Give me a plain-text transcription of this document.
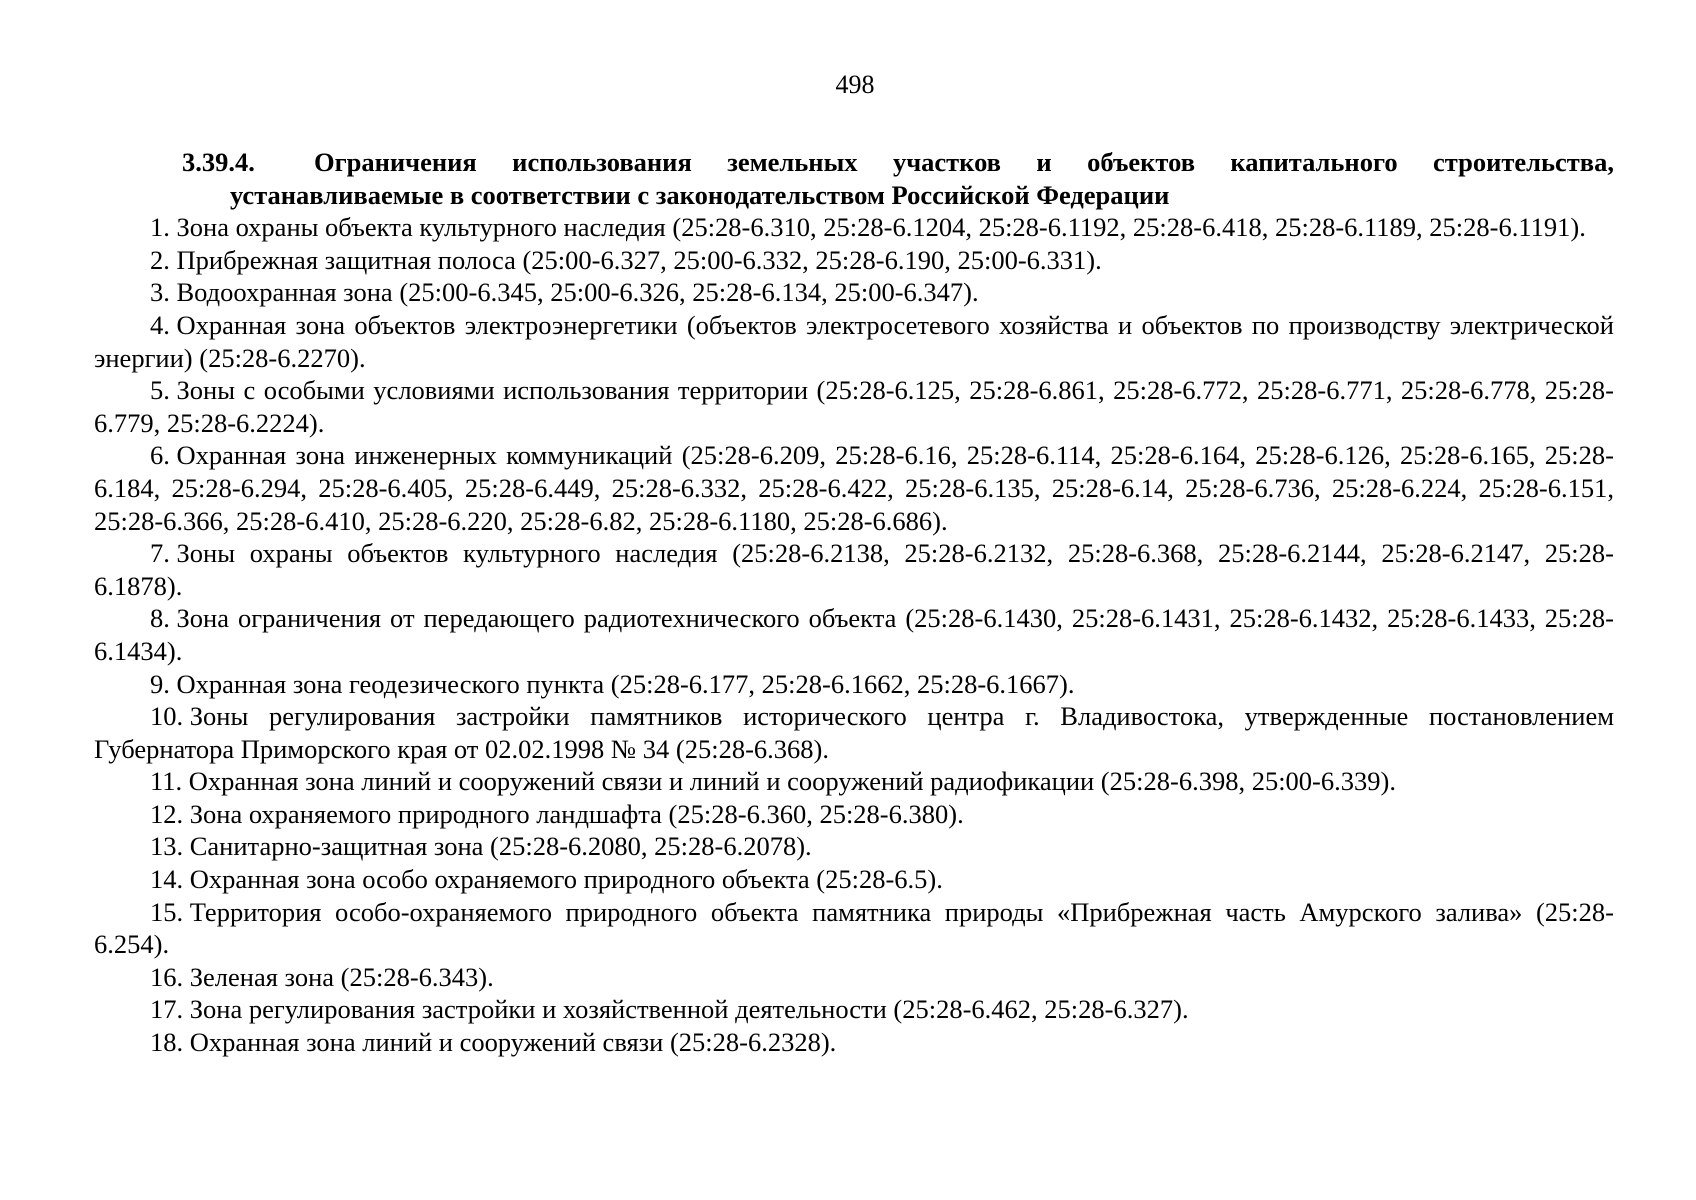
498

3.39.4. Ограничения использования земельных участков и объектов капитального строительства, устанавливаемые в соответствии с законодательством Российской Федерации

1. Зона охраны объекта культурного наследия (25:28-6.310, 25:28-6.1204, 25:28-6.1192, 25:28-6.418, 25:28-6.1189, 25:28-6.1191).

2. Прибрежная защитная полоса (25:00-6.327, 25:00-6.332, 25:28-6.190, 25:00-6.331).

3. Водоохранная зона (25:00-6.345, 25:00-6.326, 25:28-6.134, 25:00-6.347).

4. Охранная зона объектов электроэнергетики (объектов электросетевого хозяйства и объектов по производству электрической энергии) (25:28-6.2270).

5. Зоны с особыми условиями использования территории (25:28-6.125, 25:28-6.861, 25:28-6.772, 25:28-6.771, 25:28-6.778, 25:28-6.779, 25:28-6.2224).

6. Охранная зона инженерных коммуникаций (25:28-6.209, 25:28-6.16, 25:28-6.114, 25:28-6.164, 25:28-6.126, 25:28-6.165, 25:28-6.184, 25:28-6.294, 25:28-6.405, 25:28-6.449, 25:28-6.332, 25:28-6.422, 25:28-6.135, 25:28-6.14, 25:28-6.736, 25:28-6.224, 25:28-6.151, 25:28-6.366, 25:28-6.410, 25:28-6.220, 25:28-6.82, 25:28-6.1180, 25:28-6.686).

7. Зоны охраны объектов культурного наследия (25:28-6.2138, 25:28-6.2132, 25:28-6.368, 25:28-6.2144, 25:28-6.2147, 25:28-6.1878).

8. Зона ограничения от передающего радиотехнического объекта (25:28-6.1430, 25:28-6.1431, 25:28-6.1432, 25:28-6.1433, 25:28-6.1434).

9. Охранная зона геодезического пункта (25:28-6.177, 25:28-6.1662, 25:28-6.1667).

10. Зоны регулирования застройки памятников исторического центра г. Владивостока, утвержденные постановлением Губернатора Приморского края от 02.02.1998 № 34 (25:28-6.368).

11. Охранная зона линий и сооружений связи и линий и сооружений радиофикации (25:28-6.398, 25:00-6.339).

12. Зона охраняемого природного ландшафта (25:28-6.360, 25:28-6.380).

13. Санитарно-защитная зона (25:28-6.2080, 25:28-6.2078).

14. Охранная зона особо охраняемого природного объекта (25:28-6.5).

15. Территория особо-охраняемого природного объекта памятника природы «Прибрежная часть Амурского залива» (25:28-6.254).

16. Зеленая зона (25:28-6.343).

17. Зона регулирования застройки и хозяйственной деятельности (25:28-6.462, 25:28-6.327).

18. Охранная зона линий и сооружений связи (25:28-6.2328).
